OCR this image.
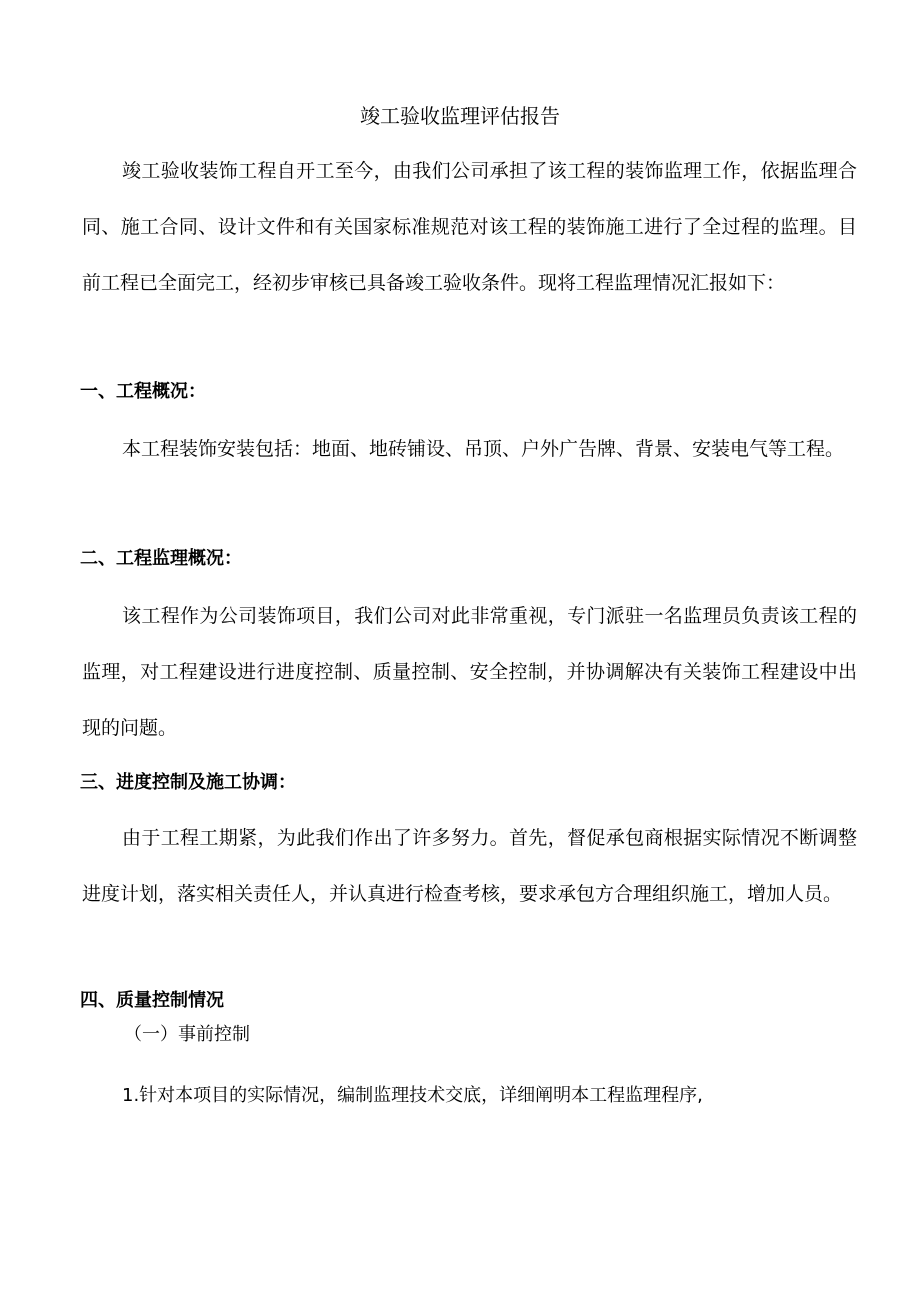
竣工验收监理评估报告

竣工验收装饰工程自开工至今，由我们公司承担了该工程的装饰监理工作，依据监理合同、施工合同、设计文件和有关国家标准规范对该工程的装饰施工进行了全过程的监理。目前工程已全面完工，经初步审核已具备竣工验收条件。现将工程监理情况汇报如下：

一、工程概况：

本工程装饰安装包括：地面、地砖铺设、吊顶、户外广告牌、背景、安装电气等工程。

二、工程监理概况：

该工程作为公司装饰项目，我们公司对此非常重视，专门派驻一名监理员负责该工程的监理，对工程建设进行进度控制、质量控制、安全控制，并协调解决有关装饰工程建设中出现的问题。

三、进度控制及施工协调：

由于工程工期紧，为此我们作出了许多努力。首先，督促承包商根据实际情况不断调整进度计划，落实相关责任人，并认真进行检查考核，要求承包方合理组织施工，增加人员。

四、质量控制情况

（一）事前控制

1.针对本项目的实际情况，编制监理技术交底，详细阐明本工程监理程序,
